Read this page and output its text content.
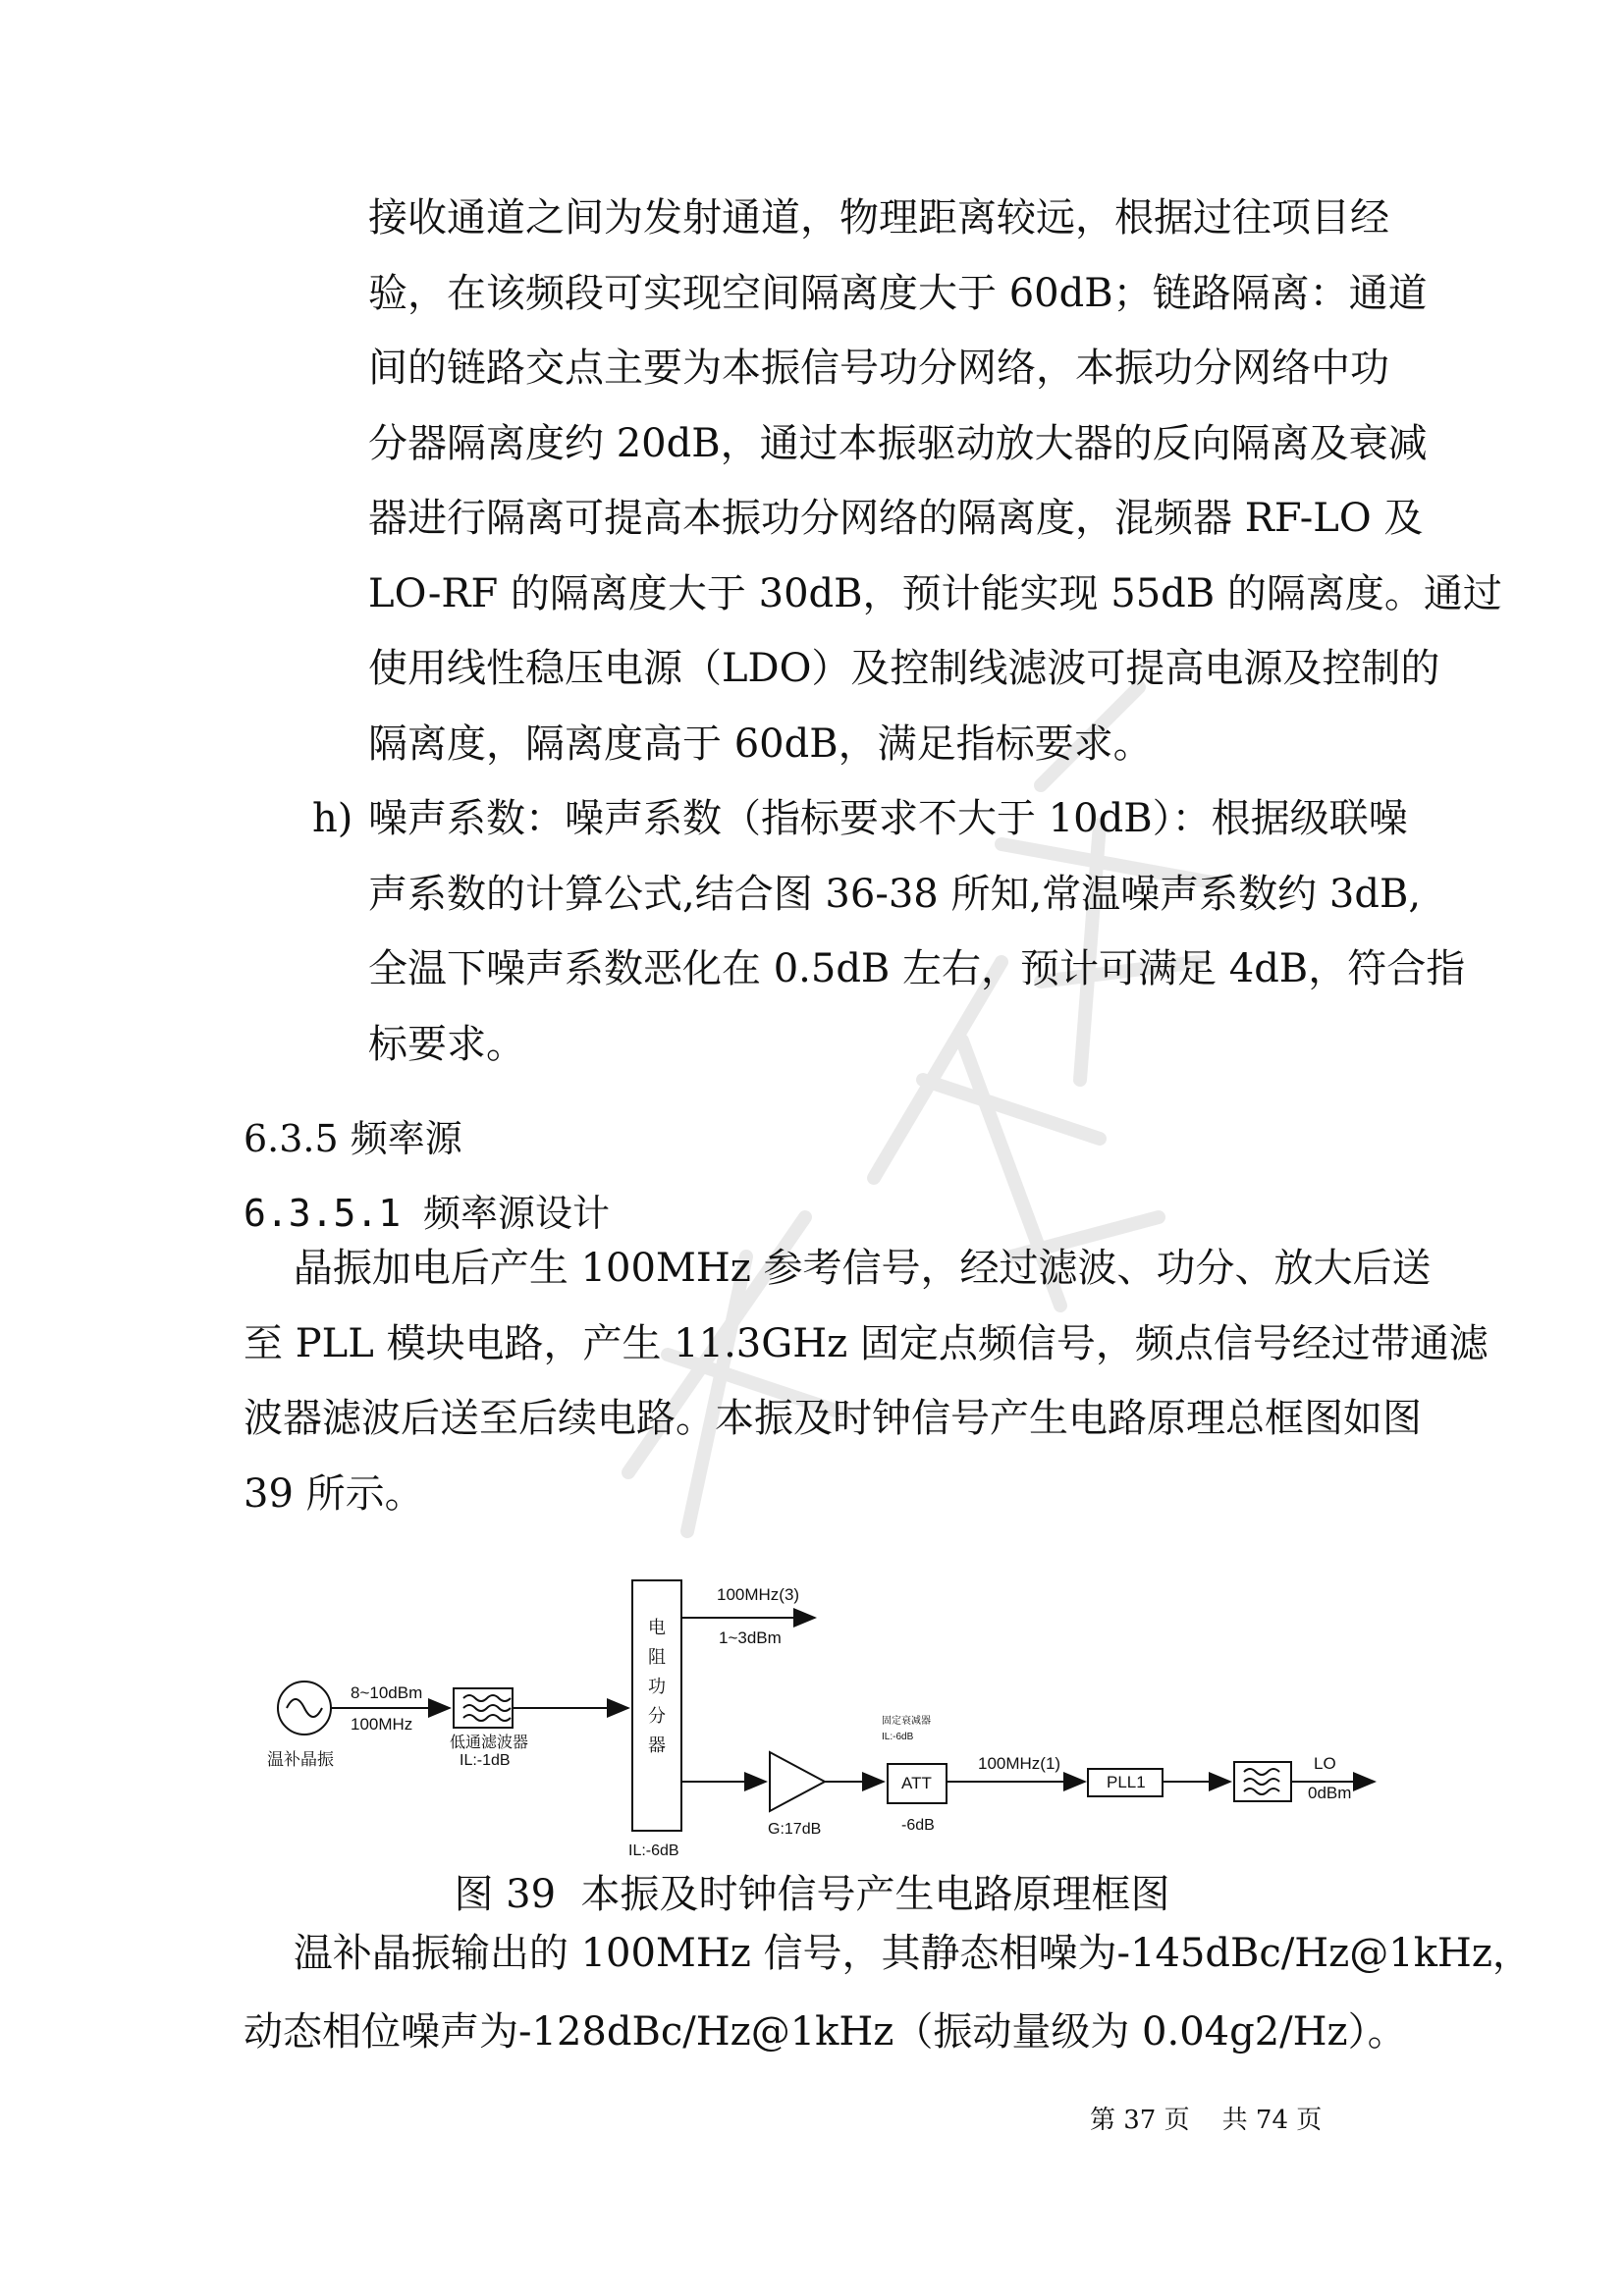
接收通道之间为发射通道，物理距离较远，根据过往项目经
验，在该频段可实现空间隔离度大于 60dB；链路隔离：通道
间的链路交点主要为本振信号功分网络，本振功分网络中功
分器隔离度约 20dB，通过本振驱动放大器的反向隔离及衰减
器进行隔离可提高本振功分网络的隔离度，混频器 RF-LO 及
LO-RF 的隔离度大于 30dB，预计能实现 55dB 的隔离度。通过
使用线性稳压电源（LDO）及控制线滤波可提高电源及控制的
隔离度，隔离度高于 60dB，满足指标要求。
h) 噪声系数：噪声系数（指标要求不大于 10dB）：根据级联噪
声系数的计算公式,结合图 36-38 所知,常温噪声系数约 3dB,
全温下噪声系数恶化在 0.5dB 左右，预计可满足 4dB，符合指
标要求。
6.3.5 频率源
6.3.5.1 频率源设计
晶振加电后产生 100MHz 参考信号，经过滤波、功分、放大后送
至 PLL 模块电路，产生 11.3GHz 固定点频信号，频点信号经过带通滤
波器滤波后送至后续电路。本振及时钟信号产生电路原理总框图如图
39 所示。
温补晶振
8~10dBm
100MHz
低通滤波器
IL:-1dB
电
阻
功
分
器
IL:-6dB
100MHz(3)
1~3dBm
G:17dB
固定衰减器
IL:-6dB
ATT
-6dB
100MHz(1)
PLL1
LO
0dBm
图 39  本振及时钟信号产生电路原理框图
温补晶振输出的 100MHz 信号，其静态相噪为-145dBc/Hz@1kHz，
动态相位噪声为-128dBc/Hz@1kHz（振动量级为 0.04g2/Hz）。
第 37 页    共 74 页
